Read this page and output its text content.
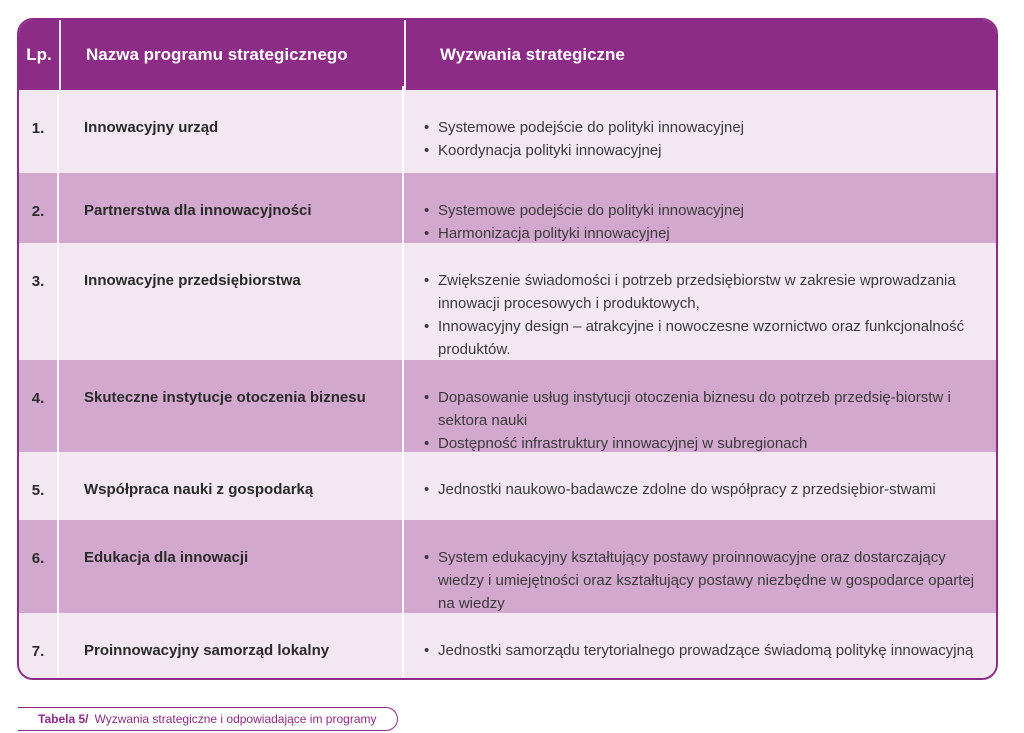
Lp.	Nazwa programu strategicznego	Wyzwania strategiczne
1.	Innowacyjny urząd	• Systemowe podejście do polityki innowacyjnej
• Koordynacja polityki innowacyjnej
2.	Partnerstwa dla innowacyjności	• Systemowe podejście do polityki innowacyjnej
• Harmonizacja polityki innowacyjnej
3.	Innowacyjne przedsiębiorstwa	• Zwiększenie świadomości i potrzeb przedsiębiorstw w zakresie wprowadzania innowacji procesowych i produktowych,
• Innowacyjny design – atrakcyjne i nowoczesne wzornictwo oraz funkcjonalność produktów.
4.	Skuteczne instytucje otoczenia biznesu	• Dopasowanie usług instytucji otoczenia biznesu do potrzeb przedsię-biorstw i sektora nauki
• Dostępność infrastruktury innowacyjnej w subregionach
5.	Współpraca nauki z gospodarką	• Jednostki naukowo-badawcze zdolne do współpracy z przedsiębior-stwami
6.	Edukacja dla innowacji	• System edukacyjny kształtujący postawy proinnowacyjne oraz dostarczający wiedzy i umiejętności oraz kształtujący postawy niezbędne w gospodarce opartej na wiedzy
7.	Proinnowacyjny samorząd lokalny	• Jednostki samorządu terytorialnego prowadzące świadomą politykę innowacyjną
Tabela 5/ Wyzwania strategiczne i odpowiadające im programy
